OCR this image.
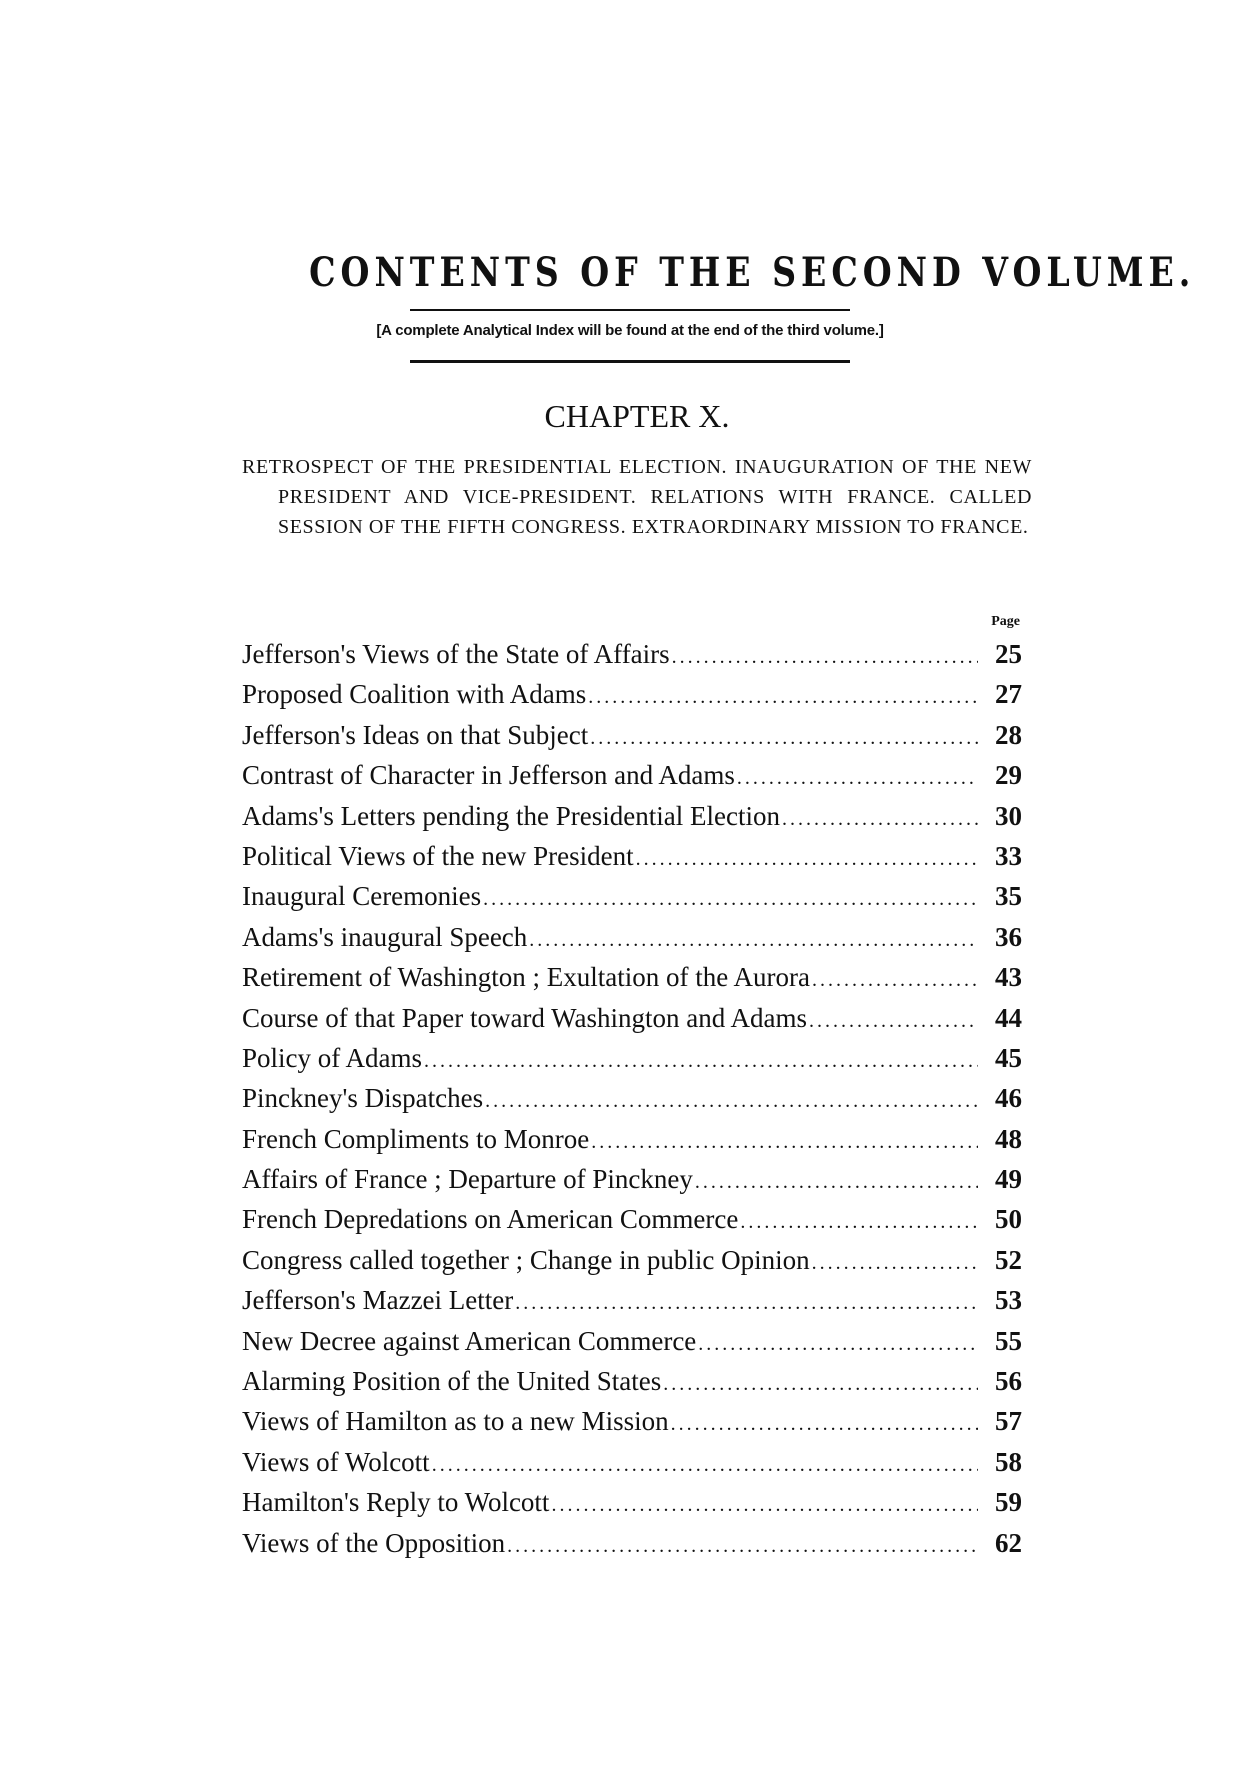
CONTENTS OF THE SECOND VOLUME.
[A complete Analytical Index will be found at the end of the third volume.]
CHAPTER X.
RETROSPECT OF THE PRESIDENTIAL ELECTION. INAUGURATION OF THE NEW PRESIDENT AND VICE-PRESIDENT. RELATIONS WITH FRANCE. CALLED SESSION OF THE FIFTH CONGRESS. EXTRAORDINARY MISSION TO FRANCE.
Page
Jefferson's Views of the State of Affairs .....	25
Proposed Coalition with Adams .....	27
Jefferson's Ideas on that Subject .....	28
Contrast of Character in Jefferson and Adams .....	29
Adams's Letters pending the Presidential Election .....	30
Political Views of the new President .....	33
Inaugural Ceremonies .....	35
Adams's inaugural Speech .....	36
Retirement of Washington ; Exultation of the Aurora .....	43
Course of that Paper toward Washington and Adams .....	44
Policy of Adams .....	45
Pinckney's Dispatches .....	46
French Compliments to Monroe .....	48
Affairs of France ; Departure of Pinckney .....	49
French Depredations on American Commerce .....	50
Congress called together ; Change in public Opinion .....	52
Jefferson's Mazzei Letter .....	53
New Decree against American Commerce .....	55
Alarming Position of the United States .....	56
Views of Hamilton as to a new Mission .....	57
Views of Wolcott .....	58
Hamilton's Reply to Wolcott .....	59
Views of the Opposition .....	62
